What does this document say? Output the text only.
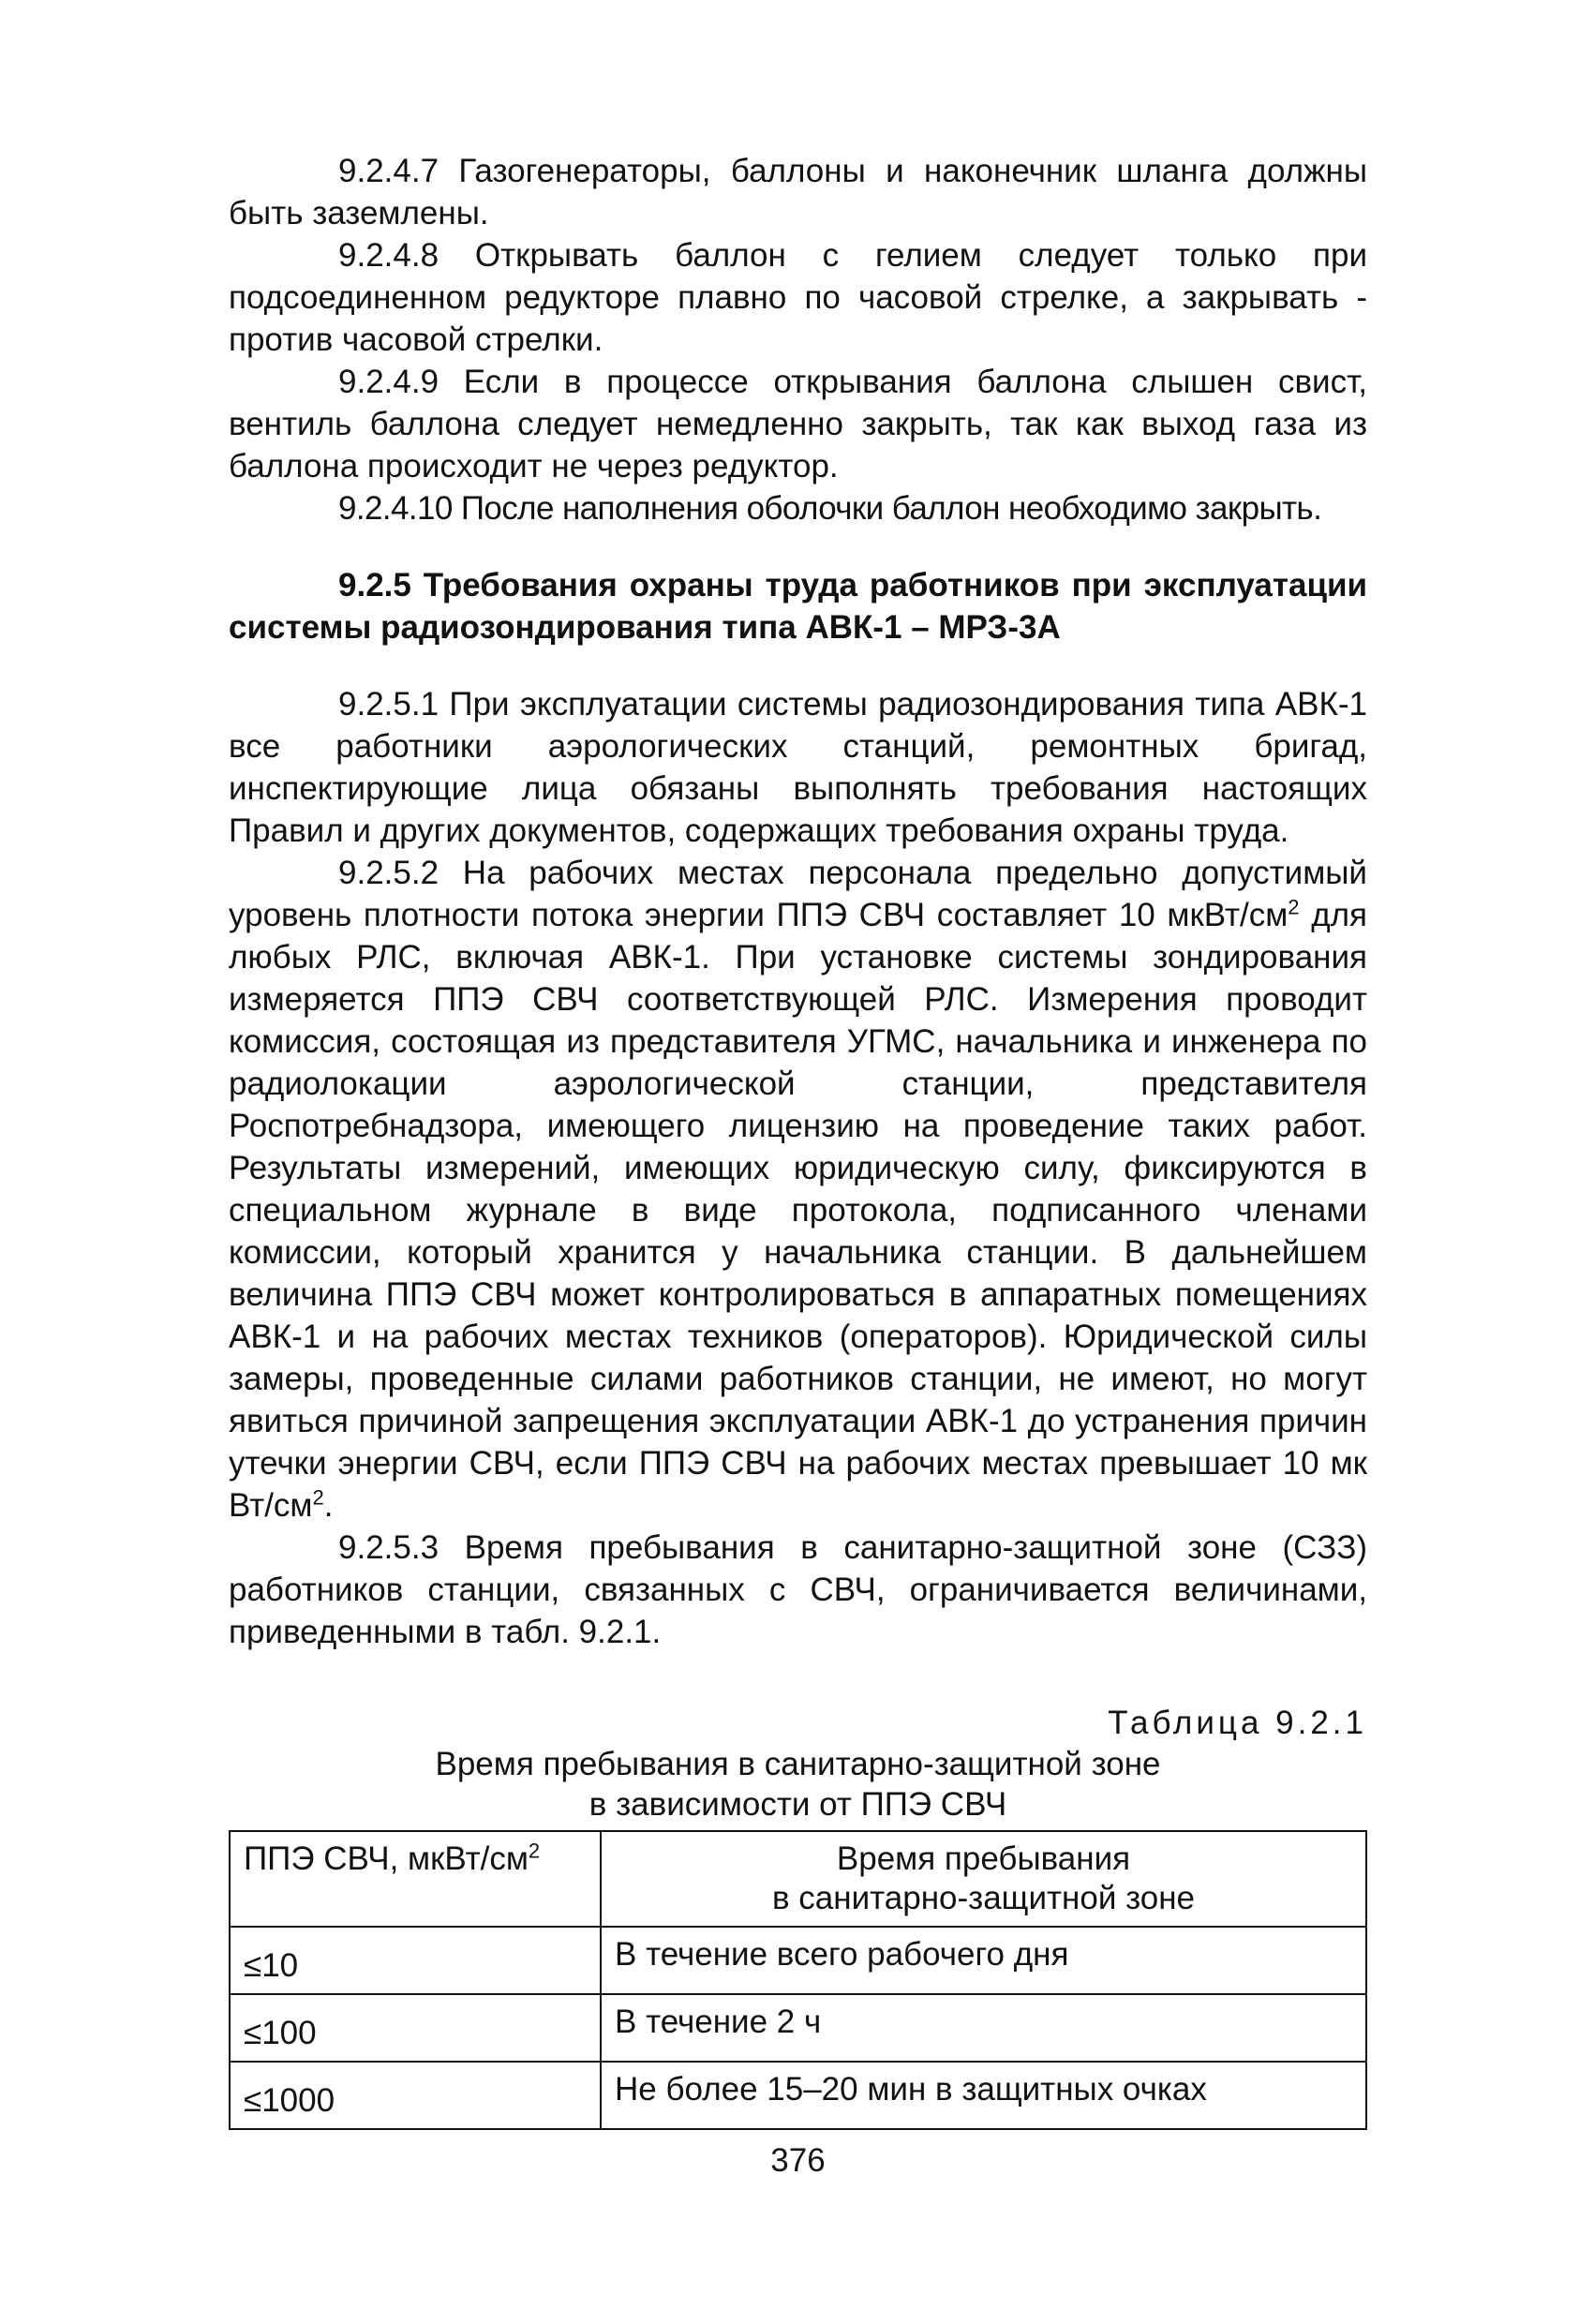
9.2.4.7 Газогенераторы, баллоны и наконечник шланга должны быть заземлены.

9.2.4.8 Открывать баллон с гелием следует только при подсоединенном редукторе плавно по часовой стрелке, а закрывать - против часовой стрелки.

9.2.4.9 Если в процессе открывания баллона слышен свист, вентиль баллона следует немедленно закрыть, так как выход газа из баллона происходит не через редуктор.

9.2.4.10 После наполнения оболочки баллон необходимо закрыть.

9.2.5 Требования охраны труда работников при эксплуатации системы радиозондирования типа АВК-1 – МРЗ-3А

9.2.5.1 При эксплуатации системы радиозондирования типа АВК-1 все работники аэрологических станций, ремонтных бригад, инспектирующие лица обязаны выполнять требования настоящих Правил и других документов, содержащих требования охраны труда.

9.2.5.2 На рабочих местах персонала предельно допустимый уровень плотности потока энергии ППЭ СВЧ составляет 10 мкВт/$см^2$ для любых РЛС, включая АВК-1. При установке системы зондирования измеряется ППЭ СВЧ соответствующей РЛС. Измерения проводит комиссия, состоящая из представителя УГМС, начальника и инженера по радиолокации аэрологической станции, представителя Роспотребнадзора, имеющего лицензию на проведение таких работ. Результаты измерений, имеющих юридическую силу, фиксируются в специальном журнале в виде протокола, подписанного членами комиссии, который хранится у начальника станции. В дальнейшем величина ППЭ СВЧ может контролироваться в аппаратных помещениях АВК-1 и на рабочих местах техников (операторов). Юридической силы замеры, проведенные силами работников станции, не имеют, но могут явиться причиной запрещения эксплуатации АВК-1 до устранения причин утечки энергии СВЧ, если ППЭ СВЧ на рабочих местах превышает 10 мк $Вт/см^2$.

9.2.5.3 Время пребывания в санитарно-защитной зоне (СЗЗ) работников станции, связанных с СВЧ, ограничивается величинами, приведенными в табл. 9.2.1.

Таблица 9.2.1
Время пребывания в санитарно-защитной зоне
в зависимости от ППЭ СВЧ
ППЭ СВЧ, мкВт/$см^2$	Время пребывания
в санитарно-защитной зоне

≤10	В течение всего рабочего дня
≤100	В течение 2 ч
≤1000	Не более 15–20 мин в защитных очках
376
